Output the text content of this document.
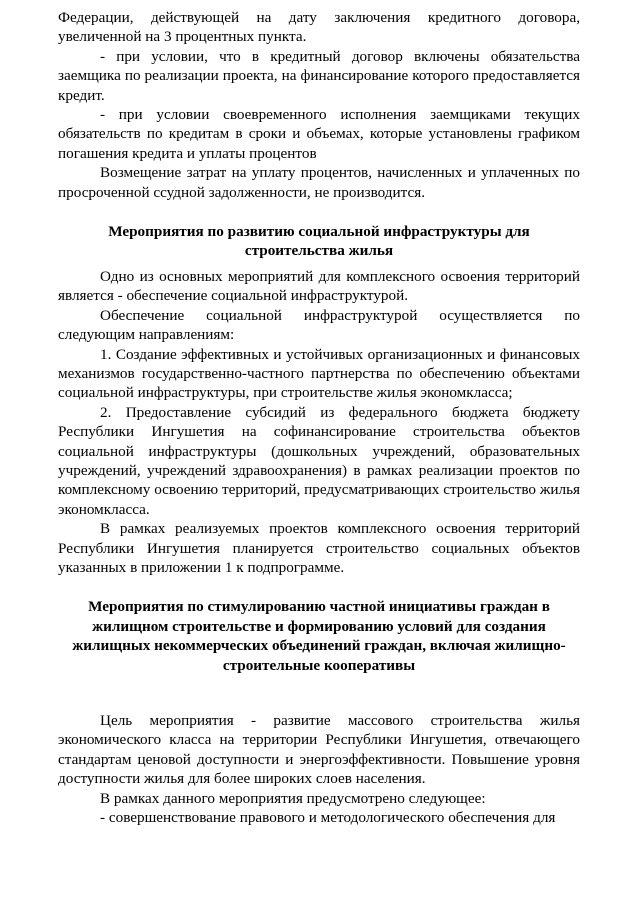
Федерации, действующей на дату заключения кредитного договора, увеличенной на 3 процентных пункта.

- при условии, что в кредитный договор включены обязательства заемщика по реализации проекта, на финансирование которого предоставляется кредит.

- при условии своевременного исполнения заемщиками текущих обязательств по кредитам в сроки и объемах, которые установлены графиком погашения кредита и уплаты процентов

Возмещение затрат на уплату процентов, начисленных и уплаченных по просроченной ссудной задолженности, не производится.

Мероприятия по развитию социальной инфраструктуры для строительства жилья

Одно из основных мероприятий для комплексного освоения территорий является - обеспечение социальной инфраструктурой.

Обеспечение социальной инфраструктурой осуществляется по следующим направлениям:

1. Создание эффективных и устойчивых организационных и финансовых механизмов государственно-частного партнерства по обеспечению объектами социальной инфраструктуры, при строительстве жилья экономкласса;

2. Предоставление субсидий из федерального бюджета бюджету Республики Ингушетия на софинансирование строительства объектов социальной инфраструктуры (дошкольных учреждений, образовательных учреждений, учреждений здравоохранения) в рамках реализации проектов по комплексному освоению территорий, предусматривающих строительство жилья экономкласса.

В рамках реализуемых проектов комплексного освоения территорий Республики Ингушетия планируется строительство социальных объектов указанных в приложении 1 к подпрограмме.

Мероприятия по стимулированию частной инициативы граждан в жилищном строительстве и формированию условий для создания жилищных некоммерческих объединений граждан, включая жилищно-строительные кооперативы

Цель мероприятия - развитие массового строительства жилья экономического класса на территории Республики Ингушетия, отвечающего стандартам ценовой доступности и энергоэффективности. Повышение уровня доступности жилья для более широких слоев населения.

В рамках данного мероприятия предусмотрено следующее:

- совершенствование правового и методологического обеспечения для
